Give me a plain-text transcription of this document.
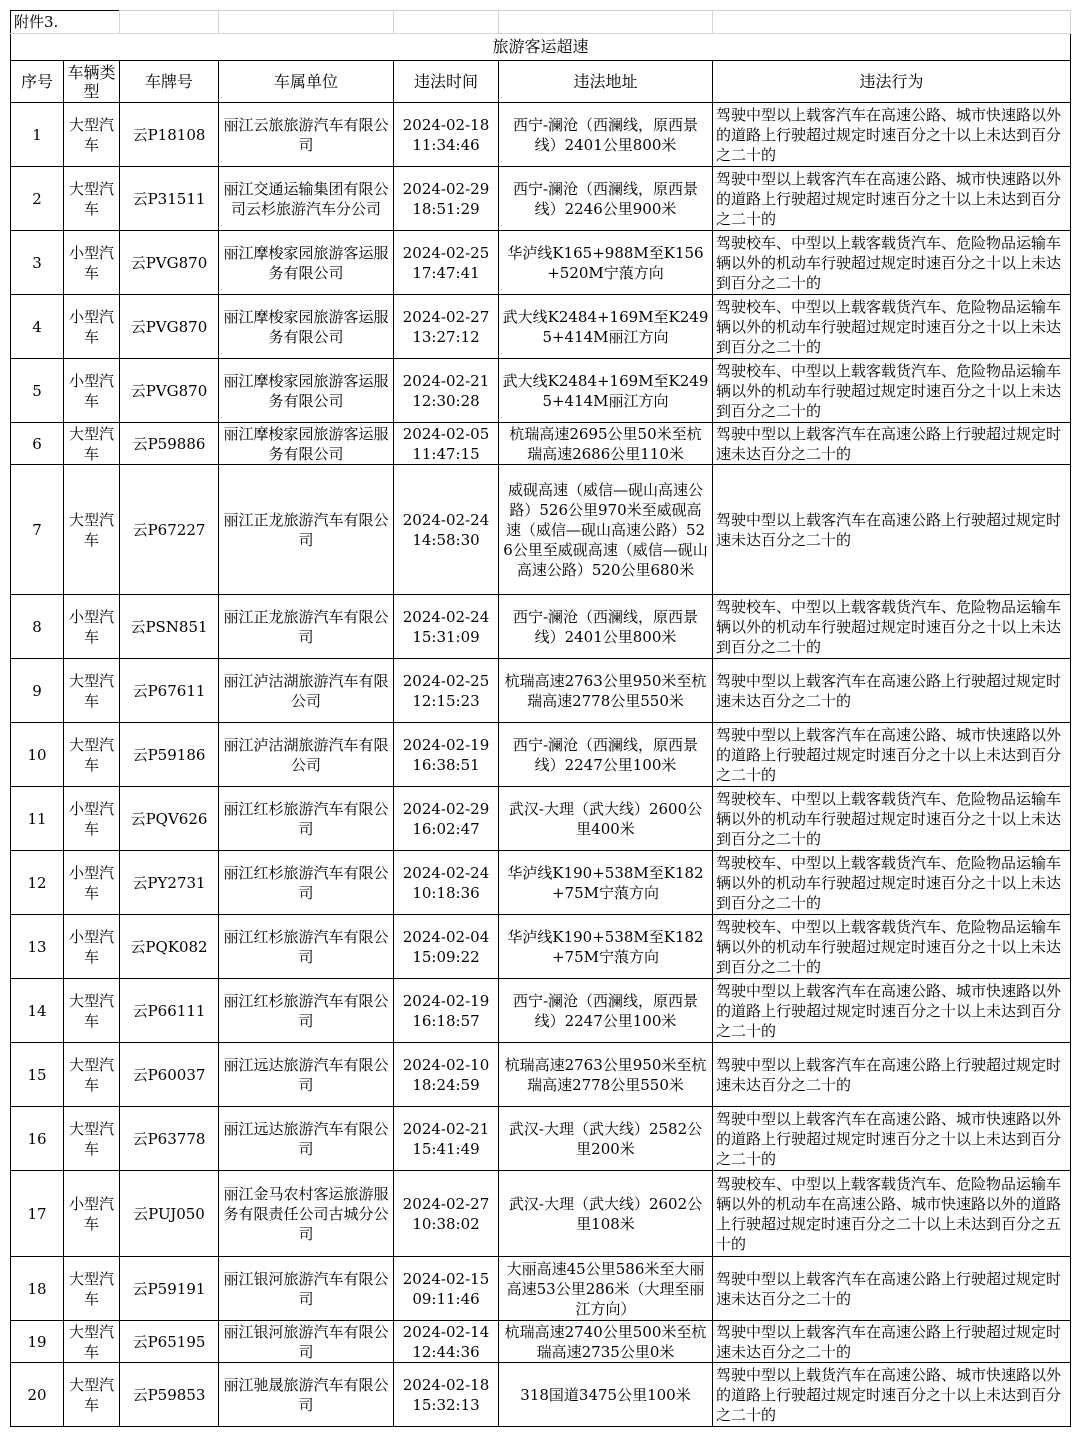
附件3.						
旅游客运超速						
序号	车辆类型	车牌号	车属单位	违法时间	违法地址	违法行为
1	大型汽车	云P18108	丽江云旅旅游汽车有限公司	2024-02-18 11:34:46	西宁-澜沧（西澜线，原西景线）2401公里800米	驾驶中型以上载客汽车在高速公路、城市快速路以外的道路上行驶超过规定时速百分之十以上未达到百分之二十的
2	大型汽车	云P31511	丽江交通运输集团有限公司云杉旅游汽车分公司	2024-02-29 18:51:29	西宁-澜沧（西澜线，原西景线）2246公里900米	驾驶中型以上载客汽车在高速公路、城市快速路以外的道路上行驶超过规定时速百分之十以上未达到百分之二十的
3	小型汽车	云PVG870	丽江摩梭家园旅游客运服务有限公司	2024-02-25 17:47:41	华泸线K165+988M至K156+520M宁蒗方向	驾驶校车、中型以上载客载货汽车、危险物品运输车辆以外的机动车行驶超过规定时速百分之十以上未达到百分之二十的
4	小型汽车	云PVG870	丽江摩梭家园旅游客运服务有限公司	2024-02-27 13:27:12	武大线K2484+169M至K2495+414M丽江方向	驾驶校车、中型以上载客载货汽车、危险物品运输车辆以外的机动车行驶超过规定时速百分之十以上未达到百分之二十的
5	小型汽车	云PVG870	丽江摩梭家园旅游客运服务有限公司	2024-02-21 12:30:28	武大线K2484+169M至K2495+414M丽江方向	驾驶校车、中型以上载客载货汽车、危险物品运输车辆以外的机动车行驶超过规定时速百分之十以上未达到百分之二十的
6	大型汽车	云P59886	丽江摩梭家园旅游客运服务有限公司	2024-02-05 11:47:15	杭瑞高速2695公里50米至杭瑞高速2686公里110米	驾驶中型以上载客汽车在高速公路上行驶超过规定时速未达百分之二十的
7	大型汽车	云P67227	丽江正龙旅游汽车有限公司	2024-02-24 14:58:30	威砚高速（威信—砚山高速公路）526公里970米至威砚高速（威信—砚山高速公路）526公里至威砚高速（威信—砚山高速公路）520公里680米	驾驶中型以上载客汽车在高速公路上行驶超过规定时速未达百分之二十的
8	小型汽车	云PSN851	丽江正龙旅游汽车有限公司	2024-02-24 15:31:09	西宁-澜沧（西澜线，原西景线）2401公里800米	驾驶校车、中型以上载客载货汽车、危险物品运输车辆以外的机动车行驶超过规定时速百分之十以上未达到百分之二十的
9	大型汽车	云P67611	丽江泸沽湖旅游汽车有限公司	2024-02-25 12:15:23	杭瑞高速2763公里950米至杭瑞高速2778公里550米	驾驶中型以上载客汽车在高速公路上行驶超过规定时速未达百分之二十的
10	大型汽车	云P59186	丽江泸沽湖旅游汽车有限公司	2024-02-19 16:38:51	西宁-澜沧（西澜线，原西景线）2247公里100米	驾驶中型以上载客汽车在高速公路、城市快速路以外的道路上行驶超过规定时速百分之十以上未达到百分之二十的
11	小型汽车	云PQV626	丽江红杉旅游汽车有限公司	2024-02-29 16:02:47	武汉-大理（武大线）2600公里400米	驾驶校车、中型以上载客载货汽车、危险物品运输车辆以外的机动车行驶超过规定时速百分之十以上未达到百分之二十的
12	小型汽车	云PY2731	丽江红杉旅游汽车有限公司	2024-02-24 10:18:36	华泸线K190+538M至K182+75M宁蒗方向	驾驶校车、中型以上载客载货汽车、危险物品运输车辆以外的机动车行驶超过规定时速百分之十以上未达到百分之二十的
13	小型汽车	云PQK082	丽江红杉旅游汽车有限公司	2024-02-04 15:09:22	华泸线K190+538M至K182+75M宁蒗方向	驾驶校车、中型以上载客载货汽车、危险物品运输车辆以外的机动车行驶超过规定时速百分之十以上未达到百分之二十的
14	大型汽车	云P66111	丽江红杉旅游汽车有限公司	2024-02-19 16:18:57	西宁-澜沧（西澜线，原西景线）2247公里100米	驾驶中型以上载客汽车在高速公路、城市快速路以外的道路上行驶超过规定时速百分之十以上未达到百分之二十的
15	大型汽车	云P60037	丽江远达旅游汽车有限公司	2024-02-10 18:24:59	杭瑞高速2763公里950米至杭瑞高速2778公里550米	驾驶中型以上载客汽车在高速公路上行驶超过规定时速未达百分之二十的
16	大型汽车	云P63778	丽江远达旅游汽车有限公司	2024-02-21 15:41:49	武汉-大理（武大线）2582公里200米	驾驶中型以上载客汽车在高速公路、城市快速路以外的道路上行驶超过规定时速百分之十以上未达到百分之二十的
17	小型汽车	云PUJ050	丽江金马农村客运旅游服务有限责任公司古城分公司	2024-02-27 10:38:02	武汉-大理（武大线）2602公里108米	驾驶校车、中型以上载客载货汽车、危险物品运输车辆以外的机动车在高速公路、城市快速路以外的道路上行驶超过规定时速百分之二十以上未达到百分之五十的
18	大型汽车	云P59191	丽江银河旅游汽车有限公司	2024-02-15 09:11:46	大丽高速45公里586米至大丽高速53公里286米（大理至丽江方向）	驾驶中型以上载客汽车在高速公路上行驶超过规定时速未达百分之二十的
19	大型汽车	云P65195	丽江银河旅游汽车有限公司	2024-02-14 12:44:36	杭瑞高速2740公里500米至杭瑞高速2735公里0米	驾驶中型以上载客汽车在高速公路上行驶超过规定时速未达百分之二十的
20	大型汽车	云P59853	丽江驰晟旅游汽车有限公司	2024-02-18 15:32:13	318国道3475公里100米	驾驶中型以上载货汽车在高速公路、城市快速路以外的道路上行驶超过规定时速百分之十以上未达到百分之二十的
